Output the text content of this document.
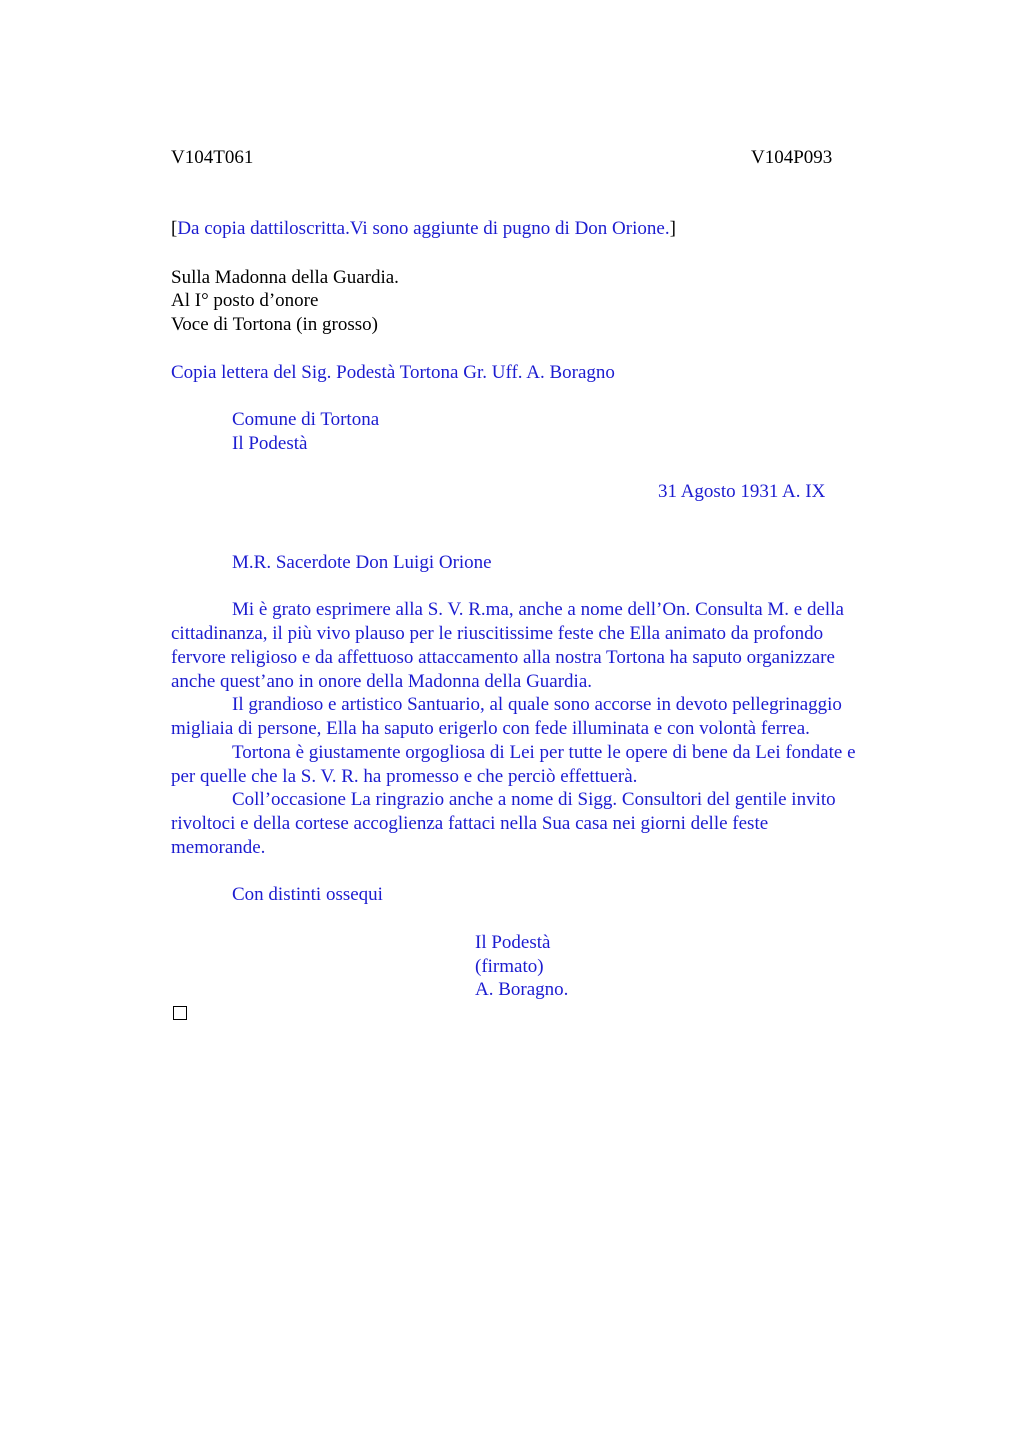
V104T061	V104P093
[Da copia dattiloscritta.Vi sono aggiunte di pugno di Don Orione.]
Sulla Madonna della Guardia.
Al I° posto d’onore
Voce di Tortona (in grosso)
Copia lettera del Sig. Podestà Tortona Gr. Uff. A. Boragno
Comune di Tortona
Il Podestà
31 Agosto 1931 A. IX
M.R. Sacerdote Don Luigi Orione
Mi è grato esprimere alla S. V. R.ma, anche a nome dell’On. Consulta M. e della
cittadinanza, il più vivo plauso per le riuscitissime feste che Ella animato da profondo
fervore religioso e da affettuoso attaccamento alla nostra Tortona ha saputo organizzare
anche quest’ano in onore della Madonna della Guardia.
Il grandioso e artistico Santuario, al quale sono accorse in devoto pellegrinaggio
migliaia di persone, Ella ha saputo erigerlo con fede illuminata e con volontà ferrea.
Tortona è giustamente orgogliosa di Lei per tutte le opere di bene da Lei fondate e
per quelle che la S. V. R. ha promesso e che perciò effettuerà.
Coll’occasione La ringrazio anche a nome di Sigg. Consultori del gentile invito
rivoltoci e della cortese accoglienza fattaci nella Sua casa nei giorni delle feste
memorande.
Con distinti ossequi
Il Podestà
(firmato)
A. Boragno.
